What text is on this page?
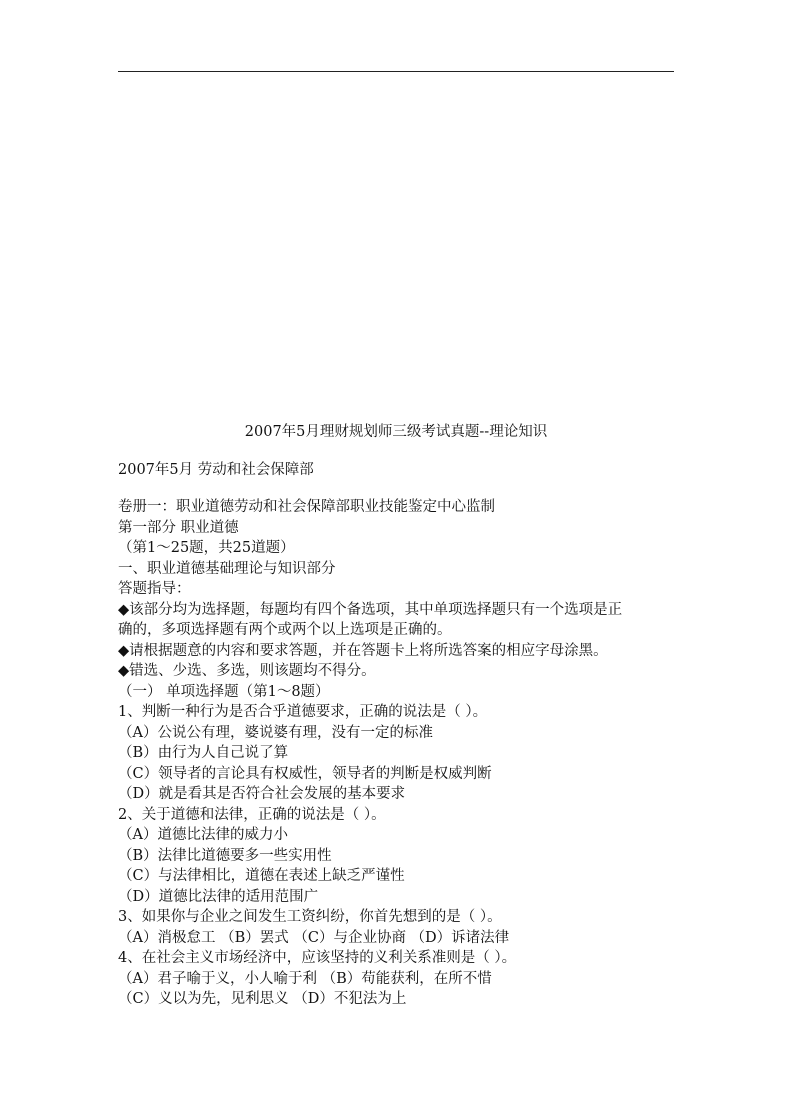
2007年5月理财规划师三级考试真题--理论知识
2007年5月 劳动和社会保障部
卷册一：职业道德劳动和社会保障部职业技能鉴定中心监制
第一部分 职业道德
（第1～25题，共25道题）
一、职业道德基础理论与知识部分
答题指导：
◆该部分均为选择题，每题均有四个备选项，其中单项选择题只有一个选项是正
确的，多项选择题有两个或两个以上选项是正确的。
◆请根据题意的内容和要求答题，并在答题卡上将所选答案的相应字母涂黑。
◆错选、少选、多选，则该题均不得分。
（一） 单项选择题（第1～8题）
1、判断一种行为是否合乎道德要求，正确的说法是（ ）。
（A）公说公有理，婆说婆有理，没有一定的标准
（B）由行为人自己说了算
（C）领导者的言论具有权威性，领导者的判断是权威判断
（D）就是看其是否符合社会发展的基本要求
2、关于道德和法律，正确的说法是（ ）。
（A）道德比法律的威力小
（B）法律比道德要多一些实用性
（C）与法律相比，道德在表述上缺乏严谨性
（D）道德比法律的适用范围广
3、如果你与企业之间发生工资纠纷，你首先想到的是（ ）。
（A）消极怠工 （B）罢式 （C）与企业协商 （D）诉诸法律
4、在社会主义市场经济中，应该坚持的义利关系准则是（ ）。
（A）君子喻于义，小人喻于利 （B）苟能获利，在所不惜
（C）义以为先，见利思义 （D）不犯法为上
